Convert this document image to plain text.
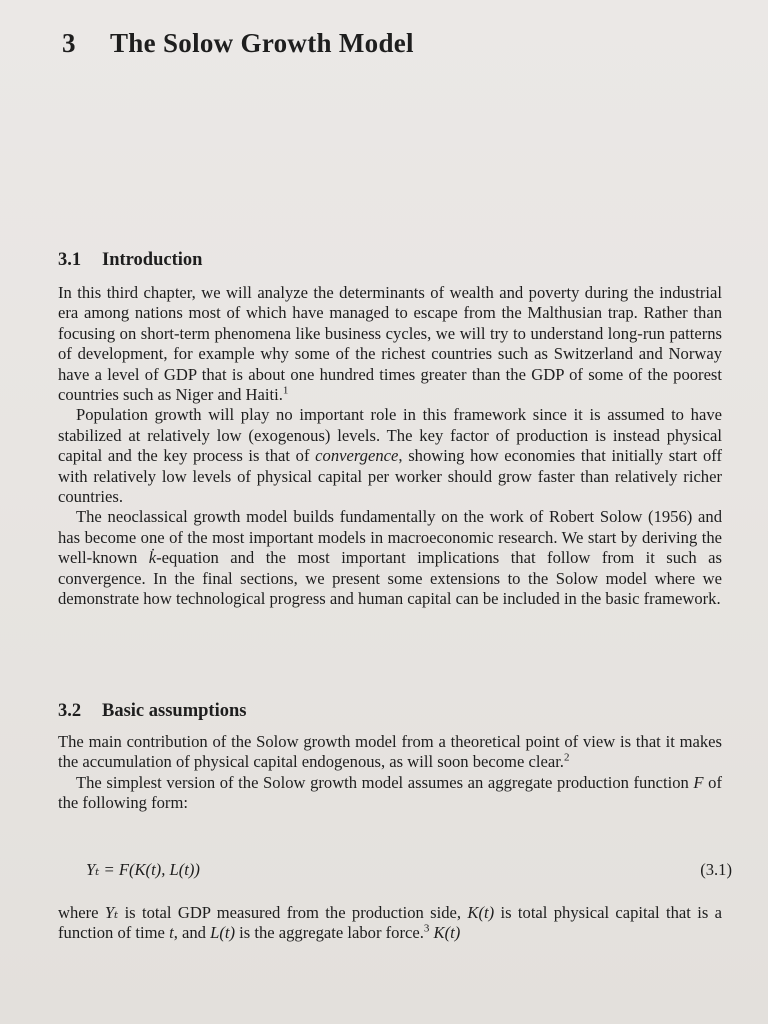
3 The Solow Growth Model
3.1 Introduction

In this third chapter, we will analyze the determinants of wealth and poverty during the industrial era among nations most of which have managed to escape from the Malthusian trap. Rather than focusing on short-term phenomena like business cycles, we will try to understand long-run patterns of development, for example why some of the richest countries such as Switzerland and Norway have a level of GDP that is about one hundred times greater than the GDP of some of the poorest countries such as Niger and Haiti.$^1$

Population growth will play no important role in this framework since it is assumed to have stabilized at relatively low (exogenous) levels. The key factor of production is instead physical capital and the key process is that of convergence, showing how economies that initially start off with relatively low levels of physical capital per worker should grow faster than relatively richer countries.

The neoclassical growth model builds fundamentally on the work of Robert Solow (1956) and has become one of the most important models in macroeconomic research. We start by deriving the well-known k̇-equation and the most important implications that follow from it such as convergence. In the final sections, we present some extensions to the Solow model where we demonstrate how technological progress and human capital can be included in the basic framework.

3.2 Basic assumptions

The main contribution of the Solow growth model from a theoretical point of view is that it makes the accumulation of physical capital endogenous, as will soon become clear.$^2$

The simplest version of the Solow growth model assumes an aggregate production function F of the following form:

Yₜ = F(K(t), L(t))	(3.1)

where Yₜ is total GDP measured from the production side, K(t) is total physical capital that is a function of time t, and L(t) is the aggregate labor force.$^3$ K(t)
